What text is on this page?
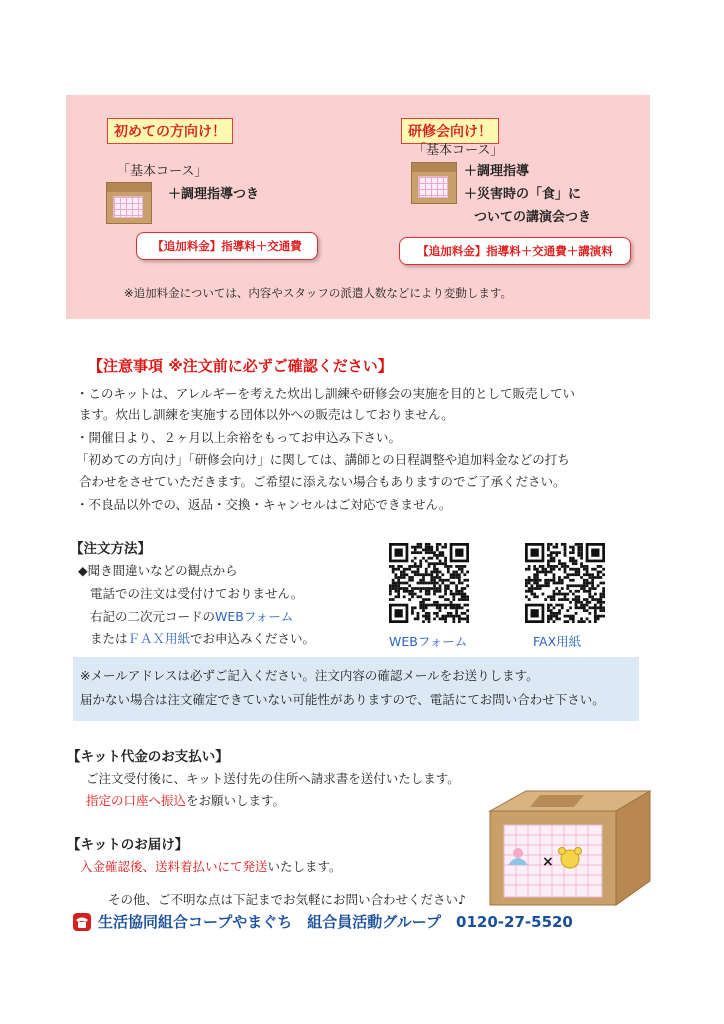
初めての方向け！
「基本コース」
＋調理指導つき
【追加料金】指導料＋交通費
研修会向け！
「基本コース」
＋調理指導
＋災害時の「食」に
ついての講演会つき
【追加料金】指導料＋交通費＋講演料
※追加料金については、内容やスタッフの派遣人数などにより変動します。
【注意事項 ※注文前に必ずご確認ください】
・このキットは、アレルギーを考えた炊出し訓練や研修会の実施を目的として販売してい
ます。炊出し訓練を実施する団体以外への販売はしておりません。
・開催日より、２ヶ月以上余裕をもってお申込み下さい。
「初めての方向け」「研修会向け」に関しては、講師との日程調整や追加料金などの打ち
合わせをさせていただきます。ご希望に添えない場合もありますのでご了承ください。
・不良品以外での、返品・交換・キャンセルはご対応できません。
【注文方法】
◆聞き間違いなどの観点から
電話での注文は受付けておりません。
右記の二次元コードのWEBフォーム
またはＦＡＸ用紙でお申込みください。	WEBフォーム	FAX用紙
※メールアドレスは必ずご記入ください。注文内容の確認メールをお送りします。
届かない場合は注文確定できていない可能性がありますので、電話にてお問い合わせ下さい。
【キット代金のお支払い】
ご注文受付後に、キット送付先の住所へ請求書を送付いたします。
指定の口座へ振込をお願いします。
【キットのお届け】
入金確認後、送料着払いにて発送いたします。	×
その他、ご不明な点は下記までお気軽にお問い合わせください♪
生活協同組合コープやまぐち　組合員活動グループ　0120-27-5520
